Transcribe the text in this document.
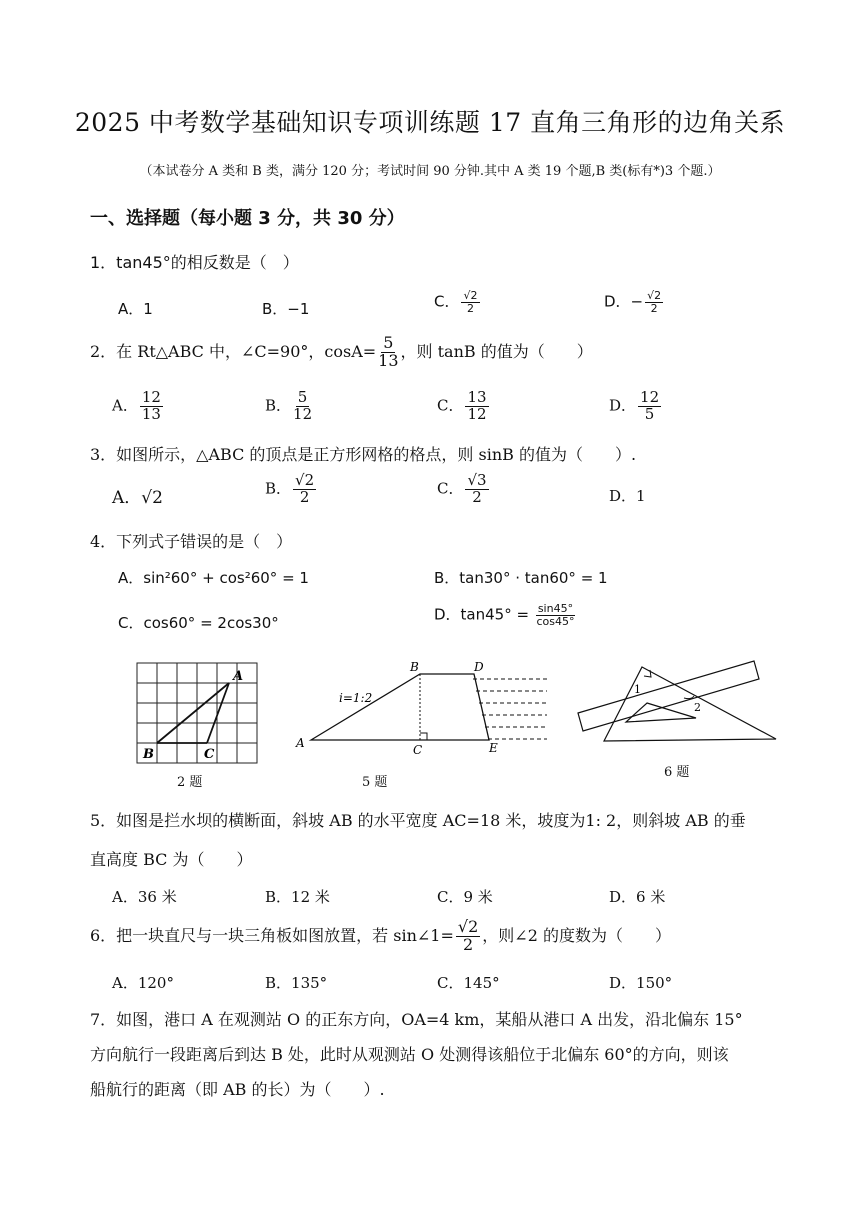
2025 中考数学基础知识专项训练题 17 直角三角形的边角关系
（本试卷分 A 类和 B 类，满分 120 分；考试时间 90 分钟.其中 A 类 19 个题,B 类(标有*)3 个题.）
一、选择题（每小题 3 分，共 30 分）
1．tan45°的相反数是（　）
A．1	B．−1	C． $\frac{√2}{2}$	D．− $\frac{√2}{2}$
2．在 Rt△ABC 中，∠C=90°，$\cos A= \frac{5}{13}$ ，则 tanB 的值为（　　）
A． $\frac{12}{13}$	B． $\frac{5}{12}$	C． $\frac{13}{12}$	D． $\frac{12}{5}$
3．如图所示，△ABC 的顶点是正方形网格的格点，则 sinB 的值为（　　）.
A．√2	B． $\frac{√2}{2}$	C． $\frac{√3}{2}$	D．1
4．下列式子错误的是（　）
A．sin²60° + cos²60° = 1	B．tan30° · tan60° = 1
C．cos60° = 2cos30°	D．$\tan 45^\circ = \frac{\sin 45^\circ}{\cos 45^\circ}$
A
B	C
2 题
A
B
C
D
E
i=1:2
5 题
1
2
6 题
5．如图是拦水坝的横断面，斜坡 AB 的水平宽度 AC=18 米，坡度为1: 2，则斜坡 AB 的垂
直高度 BC 为（　　）
A．36 米	B．12 米	C．9 米	D．6 米
6．把一块直尺与一块三角板如图放置，若 sin∠1= $\frac{√2}{2}$ ，则∠2 的度数为（　　）
A．120°	B．135°	C．145°	D．150°
7．如图，港口 A 在观测站 O 的正东方向，OA=4 km，某船从港口 A 出发，沿北偏东 15°
方向航行一段距离后到达 B 处，此时从观测站 O 处测得该船位于北偏东 60°的方向，则该
船航行的距离（即 AB 的长）为（　　）.
